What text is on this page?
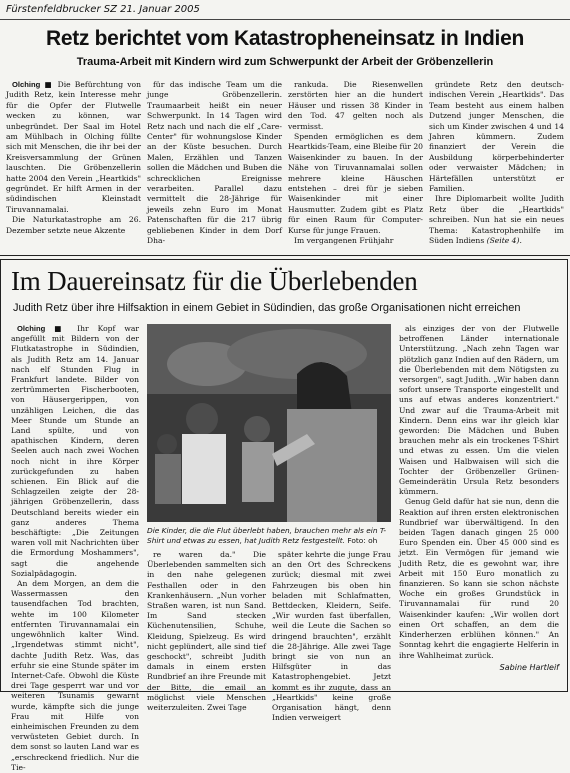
Fürstenfeldbrucker SZ 21. Januar 2005
Retz berichtet vom Katastropheneinsatz in Indien
Trauma-Arbeit mit Kindern wird zum Schwerpunkt der Arbeit der Gröbenzellerin

Olching ■ Die Befürchtung von Judith Retz, kein Interesse mehr für die Opfer der Flutwelle wecken zu können, war unbegründet. Der Saal im Hotel am Mühlbach in Olching füllte sich mit Menschen, die ihr bei der Kreisversammlung der Grünen lauschten. Die Gröbenzellerin hatte 2004 den Verein „Heartkids" gegründet. Er hilft Armen in der südindischen Kleinstadt Tiruvannamalai.

Die Naturkatastrophe am 26. Dezember setzte neue Akzente

für das indische Team um die junge Gröbenzellerin. Traumaarbeit heißt ein neuer Schwerpunkt. In 14 Tagen wird Retz nach und nach die elf „Care-Center" für wohnungslose Kinder an der Küste besuchen. Durch Malen, Erzählen und Tanzen sollen die Mädchen und Buben die schrecklichen Ereignisse verarbeiten. Parallel dazu vermittelt die 28-Jährige für jeweils zehn Euro im Monat Patenschaften für die 217 übrig gebliebenen Kinder in dem Dorf Dha-

rankuda. Die Riesenwellen zerstörten hier an die hundert Häuser und rissen 38 Kinder in den Tod. 47 gelten noch als vermisst.

Spenden ermöglichen es dem Heartkids-Team, eine Bleibe für 20 Waisenkinder zu bauen. In der Nähe von Tiruvannamalai sollen mehrere kleine Häuschen entstehen – drei für je sieben Waisenkinder mit einer Hausmutter. Zudem gibt es Platz für einen Raum für Computer-Kurse für junge Frauen.

Im vergangenen Frühjahr

gründete Retz den deutsch-indischen Verein „Heartkids". Das Team besteht aus einem halben Dutzend junger Menschen, die sich um Kinder zwischen 4 und 14 Jahren kümmern. Zudem finanziert der Verein die Ausbildung körperbehinderter oder verwaister Mädchen; in Härtefällen unterstützt er Familien.

Ihre Diplomarbeit wollte Judith Retz über die „Heartkids" schreiben. Nun hat sie ein neues Thema: Katastrophenhilfe im Süden Indiens (Seite 4).

Im Dauereinsatz für die Überlebenden
Judith Retz über ihre Hilfsaktion in einem Gebiet in Südindien, das große Organisationen nicht erreichen

Olching ■ Ihr Kopf war angefüllt mit Bildern von der Flutkatastrophe in Südindien, als Judith Retz am 14. Januar nach elf Stunden Flug in Frankfurt landete. Bilder von zertrümmerten Fischerbooten, von Häusergerippen, von unzähligen Leichen, die das Meer Stunde um Stunde an Land spülte, und von apathischen Kindern, deren Seelen auch nach zwei Wochen noch nicht in ihre Körper zurückgefunden zu haben schienen. Ein Blick auf die Schlagzeilen zeigte der 28-jährigen Gröbenzellerin, dass Deutschland bereits wieder ein ganz anderes Thema beschäftigte: „Die Zeitungen waren voll mit Nachrichten über die Ermordung Moshammers", sagt die angehende Sozialpädagogin.

An dem Morgen, an dem die Wassermassen den tausendfachen Tod brachten, wehte im 100 Kilometer entfernten Tiruvannamalai ein ungewöhnlich kalter Wind. „Irgendetwas stimmt nicht", dachte Judith Retz. Was, das erfuhr sie eine Stunde später im Internet-Cafe. Obwohl die Küste drei Tage gesperrt war und vor weiteren Tsunamis gewarnt wurde, kämpfte sich die junge Frau mit Hilfe von einheimischen Freunden zu dem verwüsteten Gebiet durch. In dem sonst so lauten Land war es „erschreckend friedlich. Nur die Tie-

Die Kinder, die die Flut überlebt haben, brauchen mehr als ein T-Shirt und etwas zu essen, hat Judith Retz festgestellt. Foto: oh

re waren da." Die Überlebenden sammelten sich in den nahe gelegenen Festhallen oder in den Krankenhäusern. „Nun vorher Straßen waren, ist nun Sand. Im Sand stecken Küchenutensilien, Schuhe, Kleidung, Spielzeug. Es wird nicht geplündert, alle sind tief geschockt", schreibt Judith damals in einem ersten Rundbrief an ihre Freunde mit der Bitte, die email an möglichst viele Menschen weiterzuleiten. Zwei Tage

später kehrte die junge Frau an den Ort des Schreckens zurück; diesmal mit zwei Fahrzeugen bis oben hin beladen mit Schlafmatten, Bettdecken, Kleidern, Seife. „Wir wurden fast überfallen, weil die Leute die Sachen so dringend brauchten", erzählt die 28-Jährige. Alle zwei Tage bringt sie von nun an Hilfsgüter in das Katastrophengebiet. Jetzt kommt es ihr zugute, dass an „Heartkids" keine große Organisation hängt, denn Indien verweigert

als einziges der von der Flutwelle betroffenen Länder internationale Unterstützung. „Nach zehn Tagen war plötzlich ganz Indien auf den Rädern, um die Überlebenden mit dem Nötigsten zu versorgen", sagt Judith. „Wir haben dann sofort unsere Transporte eingestellt und uns auf etwas anderes konzentriert." Und zwar auf die Trauma-Arbeit mit Kindern. Denn eins war ihr gleich klar geworden: Die Mädchen und Buben brauchen mehr als ein trockenes T-Shirt und etwas zu essen. Um die vielen Waisen und Halbwaisen will sich die Tochter der Gröbenzeller Grünen-Gemeinderätin Ursula Retz besonders kümmern.

Genug Geld dafür hat sie nun, denn die Reaktion auf ihren ersten elektronischen Rundbrief war überwältigend. In den beiden Tagen danach gingen 25 000 Euro Spenden ein. Über 45 000 sind es jetzt. Ein Vermögen für jemand wie Judith Retz, die es gewohnt war, ihre Arbeit mit 150 Euro monatlich zu finanzieren. So kann sie schon nächste Woche ein großes Grundstück in Tiruvannamalai für rund 20 Waisenkinder kaufen: „Wir wollen dort einen Ort schaffen, an dem die Kinderherzen erblühen können." An Sonntag kehrt die engagierte Helferin in ihre Wahlheimat zurück.

Sabine Hartleif
